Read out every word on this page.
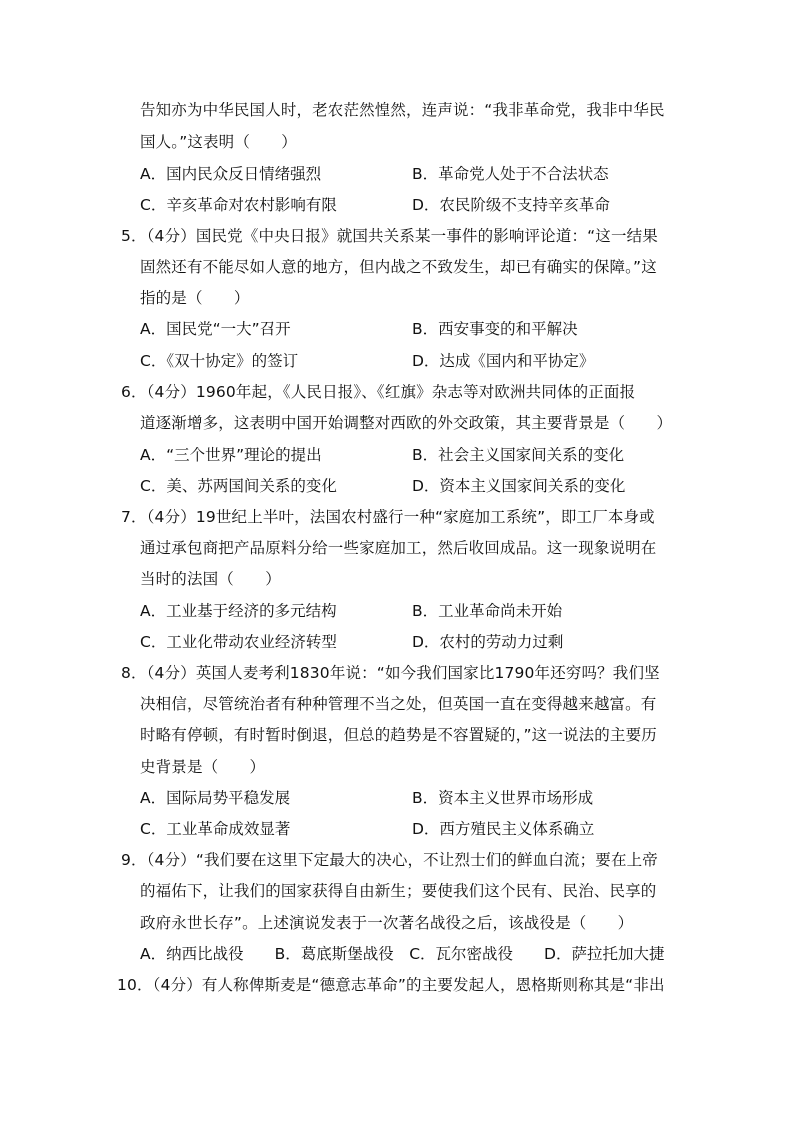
告知亦为中华民国人时，老农茫然惶然，连声说：“我非革命党，我非中华民
国人。”这表明（　　）
A．国内民众反日情绪强烈	B．革命党人处于不合法状态
C．辛亥革命对农村影响有限	D．农民阶级不支持辛亥革命
5．（4分）国民党《中央日报》就国共关系某一事件的影响评论道：“这一结果
固然还有不能尽如人意的地方，但内战之不致发生，却已有确实的保障。”这
指的是（　　）
A．国民党“一大”召开	B．西安事变的和平解决
C．《双十协定》的签订	D．达成《国内和平协定》
6．（4分）1960年起，《人民日报》、《红旗》杂志等对欧洲共同体的正面报
道逐渐增多，这表明中国开始调整对西欧的外交政策，其主要背景是（　　）
A．“三个世界”理论的提出	B．社会主义国家间关系的变化
C．美、苏两国间关系的变化	D．资本主义国家间关系的变化
7．（4分）19世纪上半叶，法国农村盛行一种“家庭加工系统”，即工厂本身或
通过承包商把产品原料分给一些家庭加工，然后收回成品。这一现象说明在
当时的法国（　　）
A．工业基于经济的多元结构	B．工业革命尚未开始
C．工业化带动农业经济转型	D．农村的劳动力过剩
8．（4分）英国人麦考利1830年说：“如今我们国家比1790年还穷吗？我们坚
决相信，尽管统治者有种种管理不当之处，但英国一直在变得越来越富。有
时略有停顿，有时暂时倒退，但总的趋势是不容置疑的，”这一说法的主要历
史背景是（　　）
A．国际局势平稳发展	B．资本主义世界市场形成
C．工业革命成效显著	D．西方殖民主义体系确立
9．（4分）“我们要在这里下定最大的决心，不让烈士们的鲜血白流；要在上帝
的福佑下，让我们的国家获得自由新生；要使我们这个民有、民治、民享的
政府永世长存”。上述演说发表于一次著名战役之后，该战役是（　　）
A．纳西比战役　　B．葛底斯堡战役　C．瓦尔密战役　　D．萨拉托加大捷
10．（4分）有人称俾斯麦是“德意志革命”的主要发起人，恩格斯则称其是“非出
